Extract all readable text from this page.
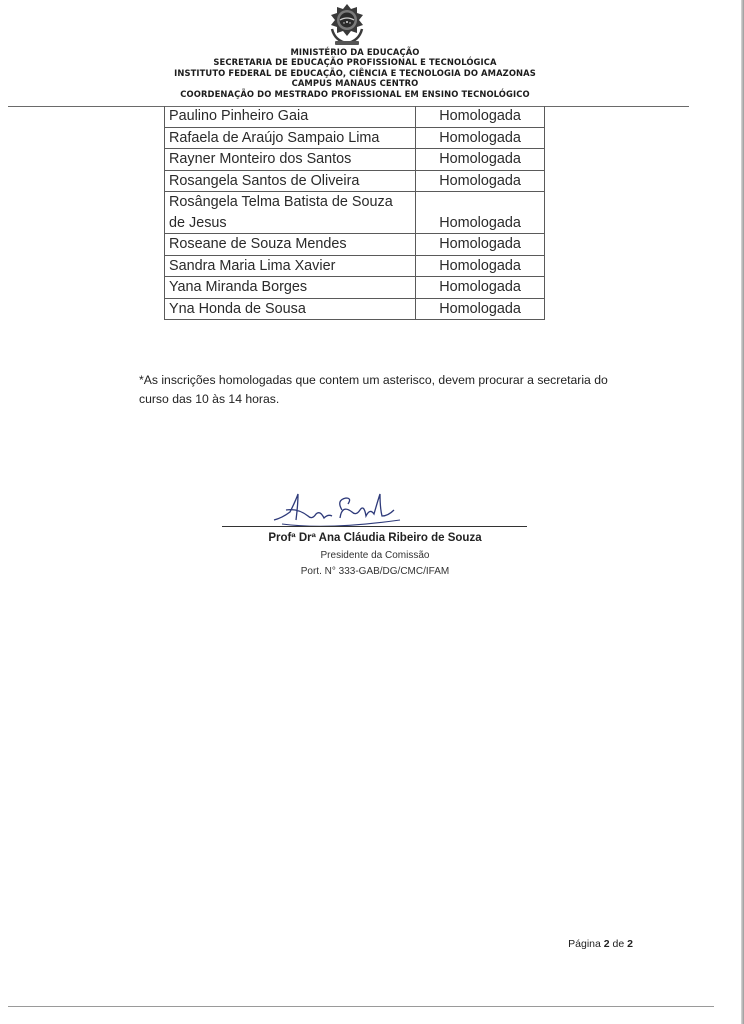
MINISTÉRIO DA EDUCAÇÃO
SECRETARIA DE EDUCAÇÃO PROFISSIONAL E TECNOLÓGICA
INSTITUTO FEDERAL DE EDUCAÇÃO, CIÊNCIA E TECNOLOGIA DO AMAZONAS
CAMPUS MANAUS CENTRO
COORDENAÇÃO DO MESTRADO PROFISSIONAL EM ENSINO TECNOLÓGICO
Paulino Pinheiro Gaia	Homologada
Rafaela de Araújo Sampaio Lima	Homologada
Rayner Monteiro dos Santos	Homologada
Rosangela Santos de Oliveira	Homologada
Rosângela Telma Batista de Souza de Jesus	Homologada
Roseane de Souza Mendes	Homologada
Sandra Maria Lima Xavier	Homologada
Yana Miranda Borges	Homologada
Yna Honda de Sousa	Homologada
*As inscrições homologadas que contem um asterisco, devem procurar a secretaria do curso das 10 às 14 horas.
Profª Drª Ana Cláudia Ribeiro de Souza
Presidente da Comissão
Port. N° 333-GAB/DG/CMC/IFAM
Página 2 de 2
